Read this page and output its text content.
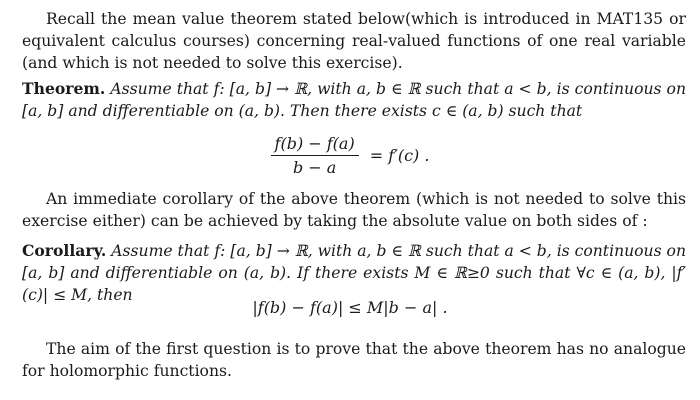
Recall the mean value theorem stated below(which is introduced in MAT135 or equivalent calculus courses) concerning real-valued functions of one real variable (and which is not needed to solve this exercise).

Theorem. Assume that f: [a, b] → ℝ, with a, b ∈ ℝ such that a < b, is continuous on [a, b] and differentiable on (a, b). Then there exists c ∈ (a, b) such that

$\frac{f(b) - f(a)}{b - a} = f'(c)$ .

An immediate corollary of the above theorem (which is not needed to solve this exercise either) can be achieved by taking the absolute value on both sides of :

Corollary. Assume that f: [a, b] → ℝ, with a, b ∈ ℝ such that a < b, is continuous on [a, b] and differentiable on (a, b). If there exists M ∈ ℝ≥0 such that ∀c ∈ (a, b), |f′(c)| ≤ M, then

|f(b) − f(a)| ≤ M|b − a| .

The aim of the first question is to prove that the above theorem has no analogue for holomorphic functions.
